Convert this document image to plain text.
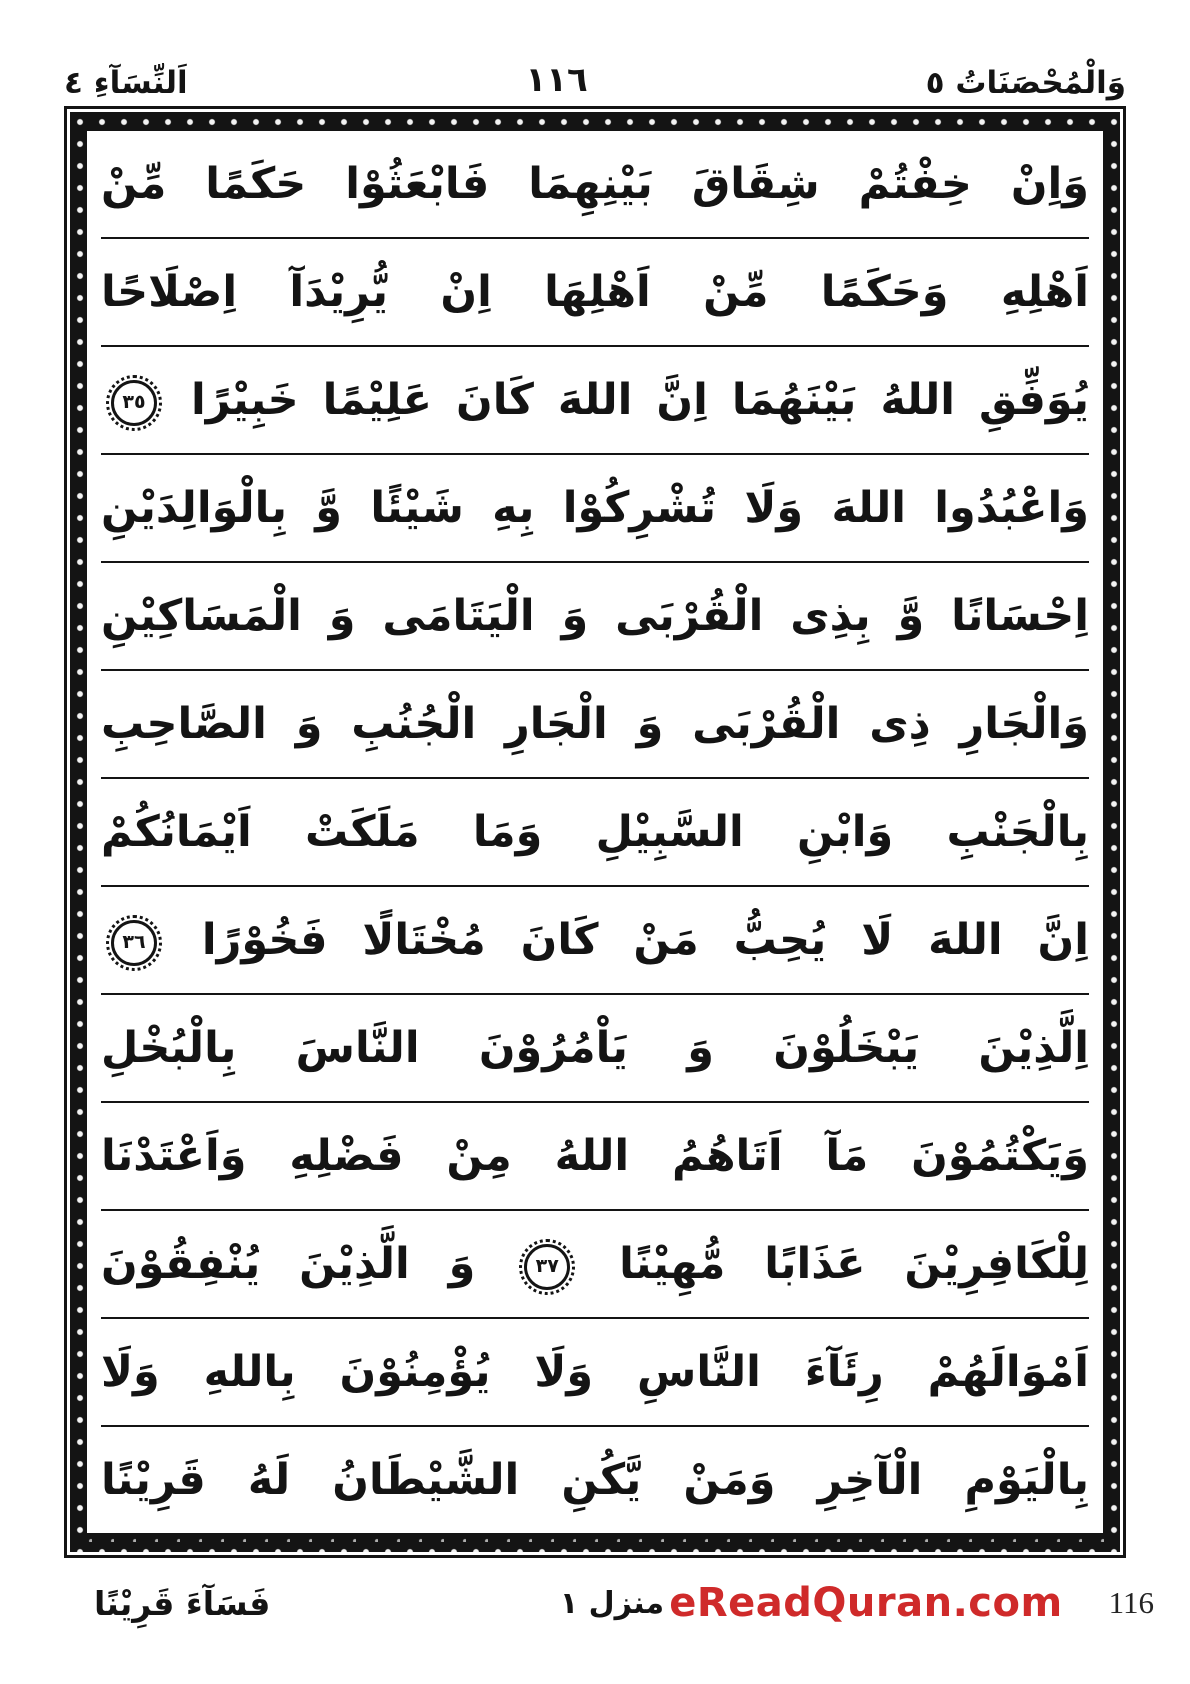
اَلنِّسَآءِ ٤	١١٦	وَالْمُحْصَنَاتُ ٥
وَاِنْ خِفْتُمْ شِقَاقَ بَيْنِهِمَا فَابْعَثُوْا حَكَمًا مِّنْ
اَهْلِهِ وَحَكَمًا مِّنْ اَهْلِهَا اِنْ يُّرِيْدَآ اِصْلَاحًا
يُوَفِّقِ اللهُ بَيْنَهُمَا اِنَّ اللهَ كَانَ عَلِيْمًا خَبِيْرًا ٣٥
وَاعْبُدُوا اللهَ وَلَا تُشْرِكُوْا بِهِ شَيْئًا وَّ بِالْوَالِدَيْنِ
اِحْسَانًا وَّ بِذِى الْقُرْبَى وَ الْيَتَامَى وَ الْمَسَاكِيْنِ
وَالْجَارِ ذِى الْقُرْبَى وَ الْجَارِ الْجُنُبِ وَ الصَّاحِبِ
بِالْجَنْبِ وَابْنِ السَّبِيْلِ وَمَا مَلَكَتْ اَيْمَانُكُمْ
اِنَّ اللهَ لَا يُحِبُّ مَنْ كَانَ مُخْتَالًا فَخُوْرًا ٣٦
اِلَّذِيْنَ يَبْخَلُوْنَ وَ يَاْمُرُوْنَ النَّاسَ بِالْبُخْلِ
وَيَكْتُمُوْنَ مَآ اَتَاهُمُ اللهُ مِنْ فَضْلِهِ وَاَعْتَدْنَا
لِلْكَافِرِيْنَ عَذَابًا مُّهِيْنًا ٣٧ وَ الَّذِيْنَ يُنْفِقُوْنَ
اَمْوَالَهُمْ رِئَآءَ النَّاسِ وَلَا يُؤْمِنُوْنَ بِاللهِ وَلَا
بِالْيَوْمِ الْآخِرِ وَمَنْ يَّكُنِ الشَّيْطَانُ لَهُ قَرِيْنًا
فَسَآءَ قَرِيْنًا	منزل ١ eReadQuran.com 116
